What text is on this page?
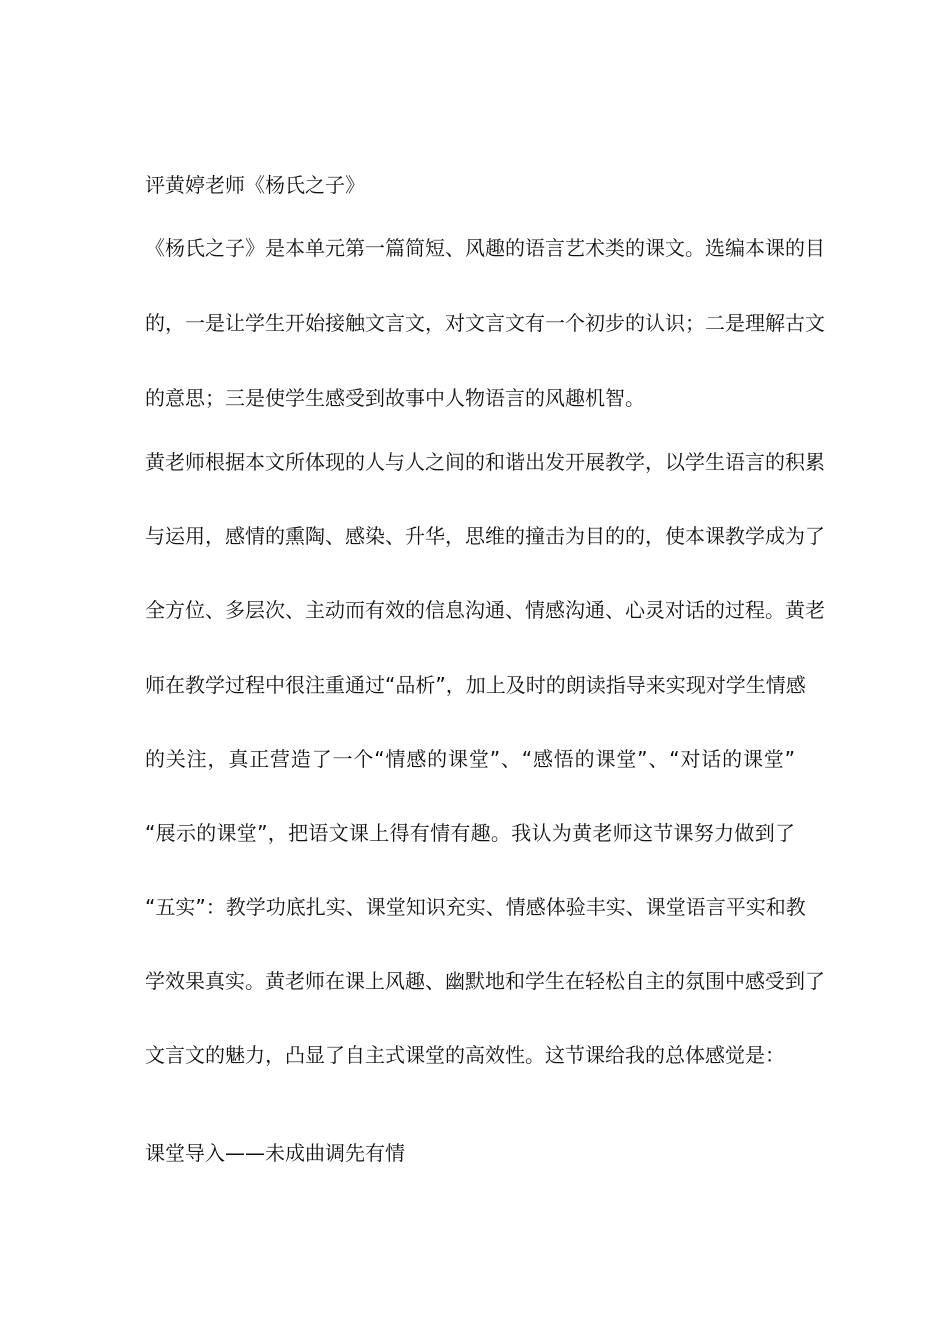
评黄婷老师《杨氏之子》
《杨氏之子》是本单元第一篇简短、风趣的语言艺术类的课文。选编本课的目
的，一是让学生开始接触文言文，对文言文有一个初步的认识；二是理解古文
的意思；三是使学生感受到故事中人物语言的风趣机智。
黄老师根据本文所体现的人与人之间的和谐出发开展教学，以学生语言的积累
与运用，感情的熏陶、感染、升华，思维的撞击为目的的，使本课教学成为了
全方位、多层次、主动而有效的信息沟通、情感沟通、心灵对话的过程。黄老
师在教学过程中很注重通过“品析”，加上及时的朗读指导来实现对学生情感
的关注，真正营造了一个“情感的课堂”、“感悟的课堂”、“对话的课堂”
“展示的课堂”，把语文课上得有情有趣。我认为黄老师这节课努力做到了
“五实”：教学功底扎实、课堂知识充实、情感体验丰实、课堂语言平实和教
学效果真实。黄老师在课上风趣、幽默地和学生在轻松自主的氛围中感受到了
文言文的魅力，凸显了自主式课堂的高效性。这节课给我的总体感觉是：
课堂导入——未成曲调先有情
